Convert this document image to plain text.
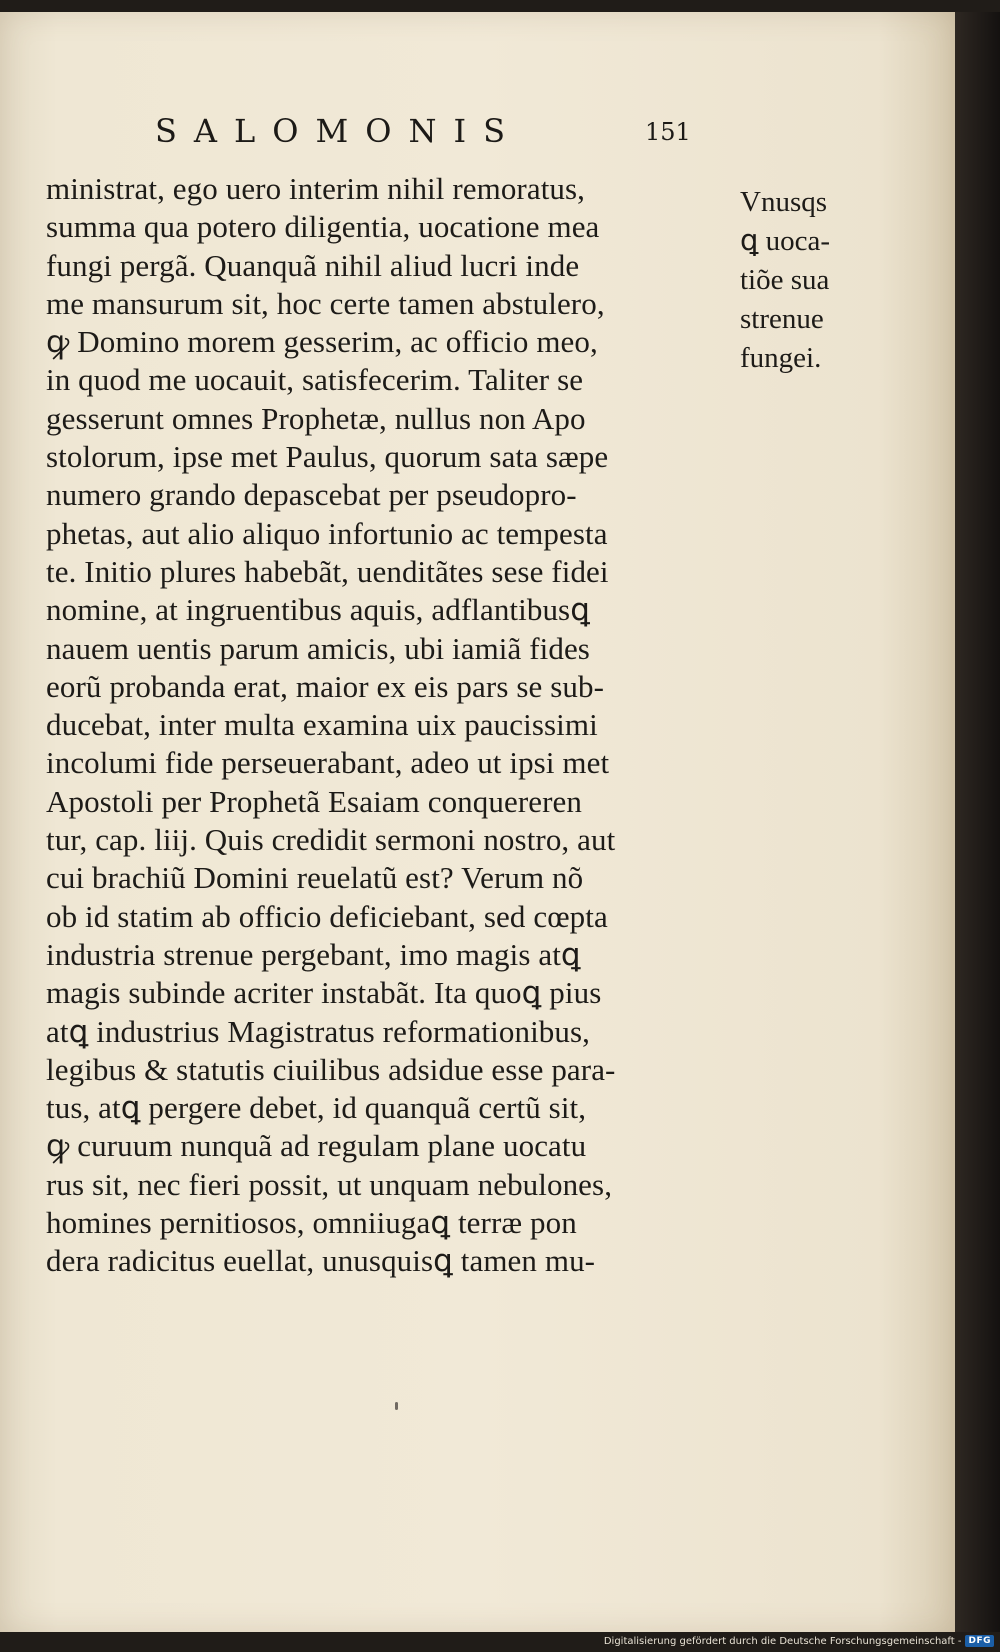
SALOMONIS	151
ministrat, ego uero interim nihil remoratus,
summa qua potero diligentia, uocatione mea
fungi pergã. Quanquã nihil aliud lucri inde
me mansurum sit, hoc certe tamen abstulero,
ꝙ Domino morem gesserim, ac officio meo,
in quod me uocauit, satisfecerim. Taliter se
gesserunt omnes Prophetæ, nullus non Apo
stolorum, ipse met Paulus, quorum sata sæpe
numero grando depascebat per pseudopro-
phetas, aut alio aliquo infortunio ac tempesta
te. Initio plures habebãt, uenditãtes sese fidei
nomine, at ingruentibus aquis, adflantibusꝗ
nauem uentis parum amicis, ubi iamiã fides
eorũ probanda erat, maior ex eis pars se sub-
ducebat, inter multa examina uix paucissimi
incolumi fide perseuerabant, adeo ut ipsi met
Apostoli per Prophetã Esaiam conquereren
tur, cap. liij. Quis credidit sermoni nostro, aut
cui brachiũ Domini reuelatũ est? Verum nõ
ob id statim ab officio deficiebant, sed cœpta
industria strenue pergebant, imo magis atꝗ
magis subinde acriter instabãt. Ita quoꝗ pius
atꝗ industrius Magistratus reformationibus,
legibus & statutis ciuilibus adsidue esse para-
tus, atꝗ pergere debet, id quanquã certũ sit,
ꝙ curuum nunquã ad regulam plane uocatu
rus sit, nec fieri possit, ut unquam nebulones,
homines pernitiosos, omniiugaꝗ terræ pon
dera radicitus euellat, unusquisꝗ tamen mu-
Vnusqs
ꝗ uoca-
tiõe sua
strenue
fungei.
Digitalisierung gefördert durch die Deutsche Forschungsgemeinschaft - DFG
